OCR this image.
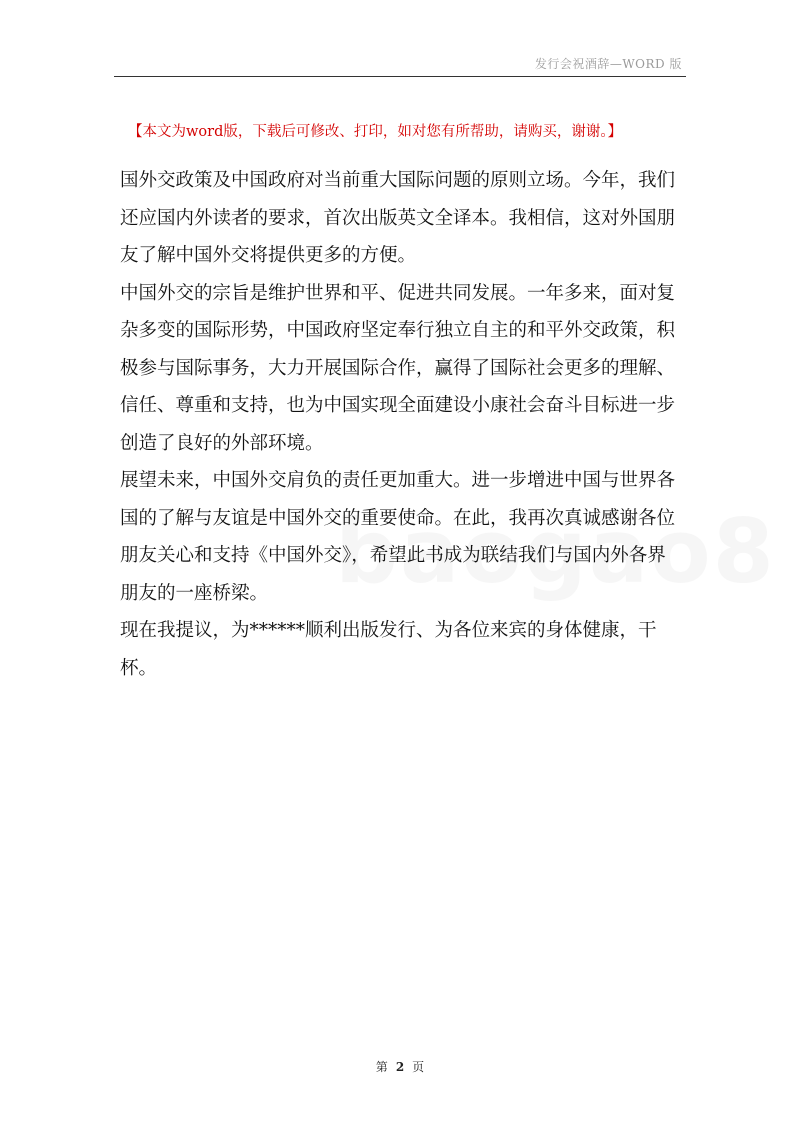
发行会祝酒辞—WORD 版
【本文为word版，下载后可修改、打印，如对您有所帮助，请购买，谢谢。】

国外交政策及中国政府对当前重大国际问题的原则立场。今年，我们
还应国内外读者的要求，首次出版英文全译本。我相信，这对外国朋
友了解中国外交将提供更多的方便。

中国外交的宗旨是维护世界和平、促进共同发展。一年多来，面对复
杂多变的国际形势，中国政府坚定奉行独立自主的和平外交政策，积
极参与国际事务，大力开展国际合作，赢得了国际社会更多的理解、
信任、尊重和支持，也为中国实现全面建设小康社会奋斗目标进一步
创造了良好的外部环境。

展望未来，中国外交肩负的责任更加重大。进一步增进中国与世界各
国的了解与友谊是中国外交的重要使命。在此，我再次真诚感谢各位
朋友关心和支持《中国外交》，希望此书成为联结我们与国内外各界
朋友的一座桥梁。

现在我提议，为******顺利出版发行、为各位来宾的身体健康，干杯。

第 2 页
